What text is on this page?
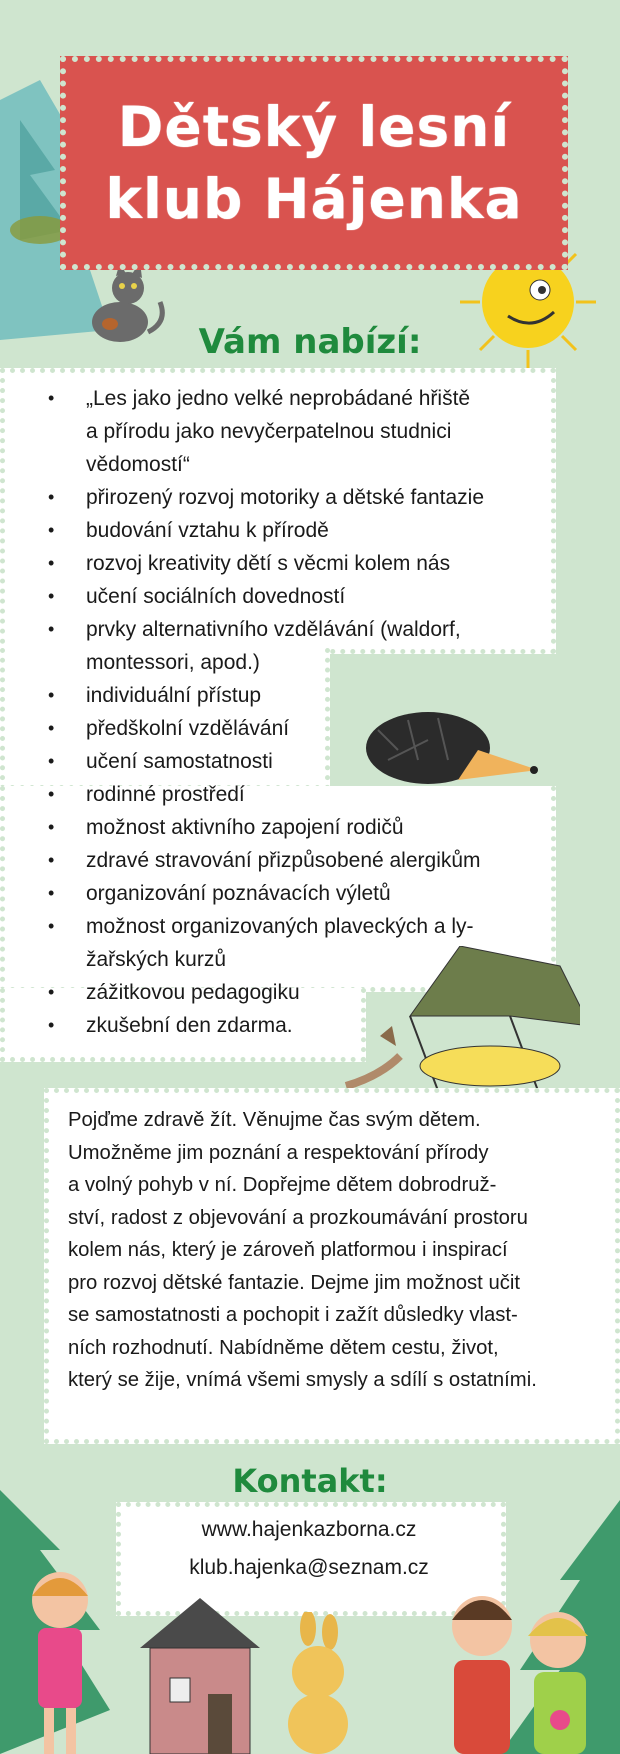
Dětský lesní
klub Hájenka
Vám nabízí:
• „Les jako jedno velké neprobádané hřiště
a přírodu jako nevyčerpatelnou studnici
vědomostí“
• přirozený rozvoj motoriky a dětské fantazie
• budování vztahu k přírodě
• rozvoj kreativity dětí s věcmi kolem nás
• učení sociálních dovedností
• prvky alternativního vzdělávání (waldorf,
montessori, apod.)
• individuální přístup
• předškolní vzdělávání
• učení samostatnosti
• rodinné prostředí
• možnost aktivního zapojení rodičů
• zdravé stravování přizpůsobené alergikům
• organizování poznávacích výletů
• možnost organizovaných plaveckých a ly-
žařských kurzů
• zážitkovou pedagogiku
• zkušební den zdarma.
Pojďme zdravě žít. Věnujme čas svým dětem.
Umožněme jim poznání a respektování přírody
a volný pohyb v ní. Dopřejme dětem dobrodruž-
ství, radost z objevování a prozkoumávání prostoru
kolem nás, který je zároveň platformou i inspirací
pro rozvoj dětské fantazie. Dejme jim možnost učit
se samostatnosti a pochopit i zažít důsledky vlast-
ních rozhodnutí. Nabídněme dětem cestu, život,
který se žije, vnímá všemi smysly a sdílí s ostatními.
Kontakt:
www.hajenkazborna.cz
klub.hajenka@seznam.cz
